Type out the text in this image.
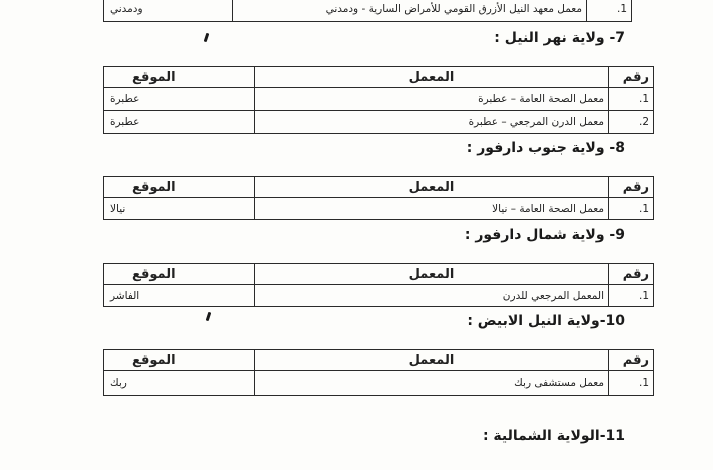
1.	معمل معهد النيل الأزرق القومي للأمراض السارية - ودمدني	ودمدني
7- ولاية نهر النيل :
رقم	المعمل	الموقع
1.	معمل الصحة العامة – عطبرة	عطبرة
2.	معمل الدرن المرجعي – عطبرة	عطبرة
8- ولاية جنوب دارفور :
رقم	المعمل	الموقع
1.	معمل الصحة العامة – نيالا	نيالا
9- ولاية شمال دارفور :
رقم	المعمل	الموقع
1.	المعمل المرجعي للدرن	الفاشر
10-ولاية النيل الابيض :
رقم	المعمل	الموقع
1.	معمل مستشفى ربك	ربك
11-الولاية الشمالية :
